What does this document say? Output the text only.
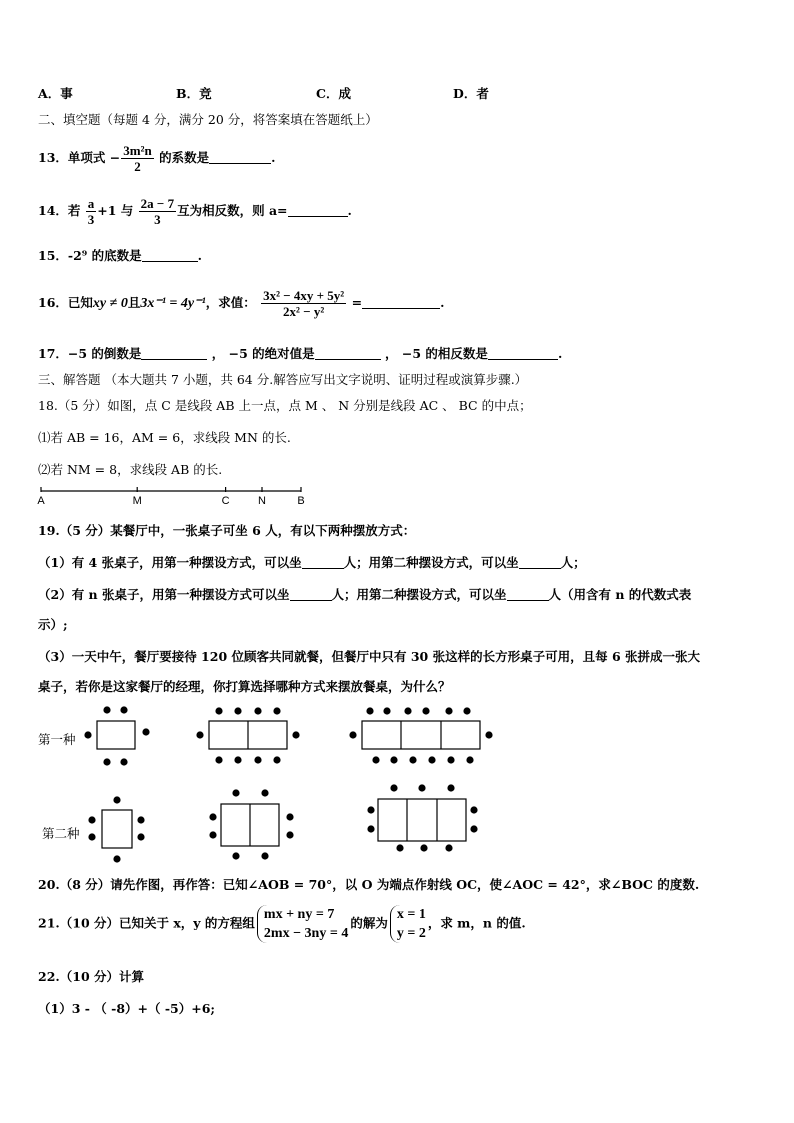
A．事	B．竞	C．成	D．者
二、填空题（每题 4 分，满分 20 分，将答案填在答题纸上）
13．单项式 − $\frac{\text{3m²n}}{2}$ 的系数是	.
14．若 $\frac{a}{3} +1$ 与 $\frac{2a - 7}{3}$ 互为相反数，则 a=	.
15．-2⁹ 的底数是	.
16．已知xy ≠ 0且3x⁻¹ = 4y⁻¹，求值： $\frac{\text{3x² − 4xy + 5y²}}{\text{2x² − y²}}$ =	.
17．−5 的倒数是	， −5 的绝对值是	， −5 的相反数是	.
三、解答题 （本大题共 7 小题，共 64 分.解答应写出文字说明、证明过程或演算步骤.）
18.（5 分）如图，点 C 是线段 AB 上一点，点 M 、 N 分别是线段 AC 、 BC 的中点；
⑴若 AB = 16，AM = 6，求线段 MN 的长.
⑵若 NM = 8，求线段 AB 的长.
A	M	C	N	B
19.（5 分）某餐厅中，一张桌子可坐 6 人，有以下两种摆放方式：
（1）有 4 张桌子，用第一种摆设方式，可以坐	人；用第二种摆设方式，可以坐	人；
（2）有 n 张桌子，用第一种摆设方式可以坐	人；用第二种摆设方式，可以坐	人（用含有 n 的代数式表
示）;
（3）一天中午，餐厅要接待 120 位顾客共同就餐，但餐厅中只有 30 张这样的长方形桌子可用，且每 6 张拼成一张大
桌子，若你是这家餐厅的经理，你打算选择哪种方式来摆放餐桌，为什么？
第一种
第二种
20.（8 分）请先作图，再作答：已知∠AOB = 70°，以 O 为端点作射线 OC，使∠AOC = 42°，求∠BOC 的度数.
21.（10 分）已知关于 x，y 的方程组mx + ny = 7
2mx − 3ny = 4的解为x = 1
y = 2，求 m，n 的值.
22.（10 分）计算
（1）3 - （ -8）+（ -5）+6;
